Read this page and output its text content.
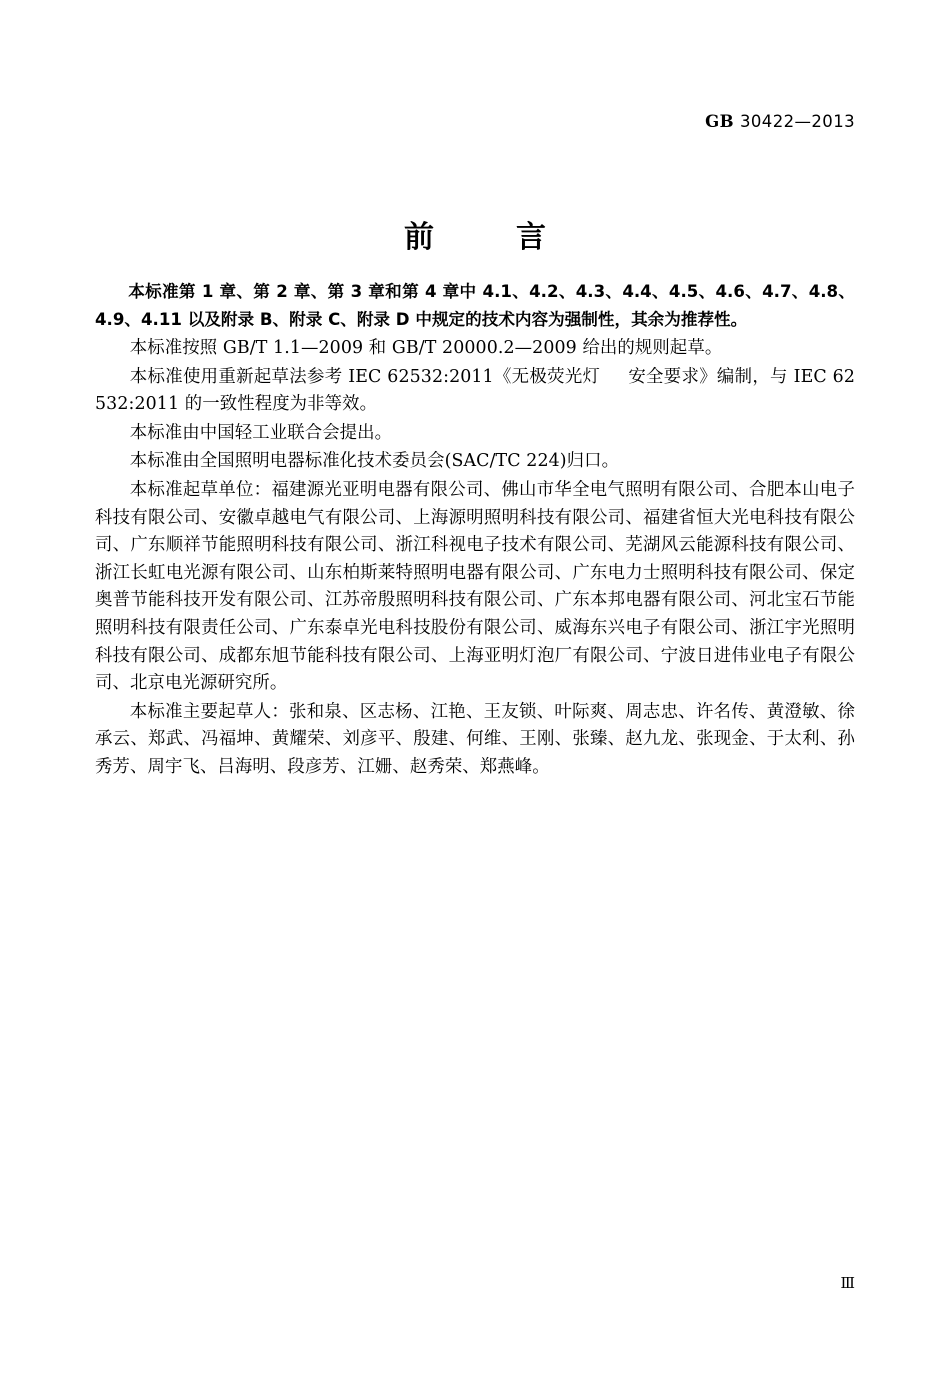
GB 30422—2013
前　言

本标准第 1 章、第 2 章、第 3 章和第 4 章中 4.1、4.2、4.3、4.4、4.5、4.6、4.7、4.8、4.9、4.11 以及附录 B、附录 C、附录 D 中规定的技术内容为强制性，其余为推荐性。

本标准按照 GB/T 1.1—2009 和 GB/T 20000.2—2009 给出的规则起草。

本标准使用重新起草法参考 IEC 62532:2011《无极荧光灯 安全要求》编制，与 IEC 62532:2011 的一致性程度为非等效。

本标准由中国轻工业联合会提出。

本标准由全国照明电器标准化技术委员会(SAC/TC 224)归口。

本标准起草单位：福建源光亚明电器有限公司、佛山市华全电气照明有限公司、合肥本山电子科技有限公司、安徽卓越电气有限公司、上海源明照明科技有限公司、福建省恒大光电科技有限公司、广东顺祥节能照明科技有限公司、浙江科视电子技术有限公司、芜湖风云能源科技有限公司、浙江长虹电光源有限公司、山东柏斯莱特照明电器有限公司、广东电力士照明科技有限公司、保定奥普节能科技开发有限公司、江苏帝殷照明科技有限公司、广东本邦电器有限公司、河北宝石节能照明科技有限责任公司、广东泰卓光电科技股份有限公司、威海东兴电子有限公司、浙江宇光照明科技有限公司、成都东旭节能科技有限公司、上海亚明灯泡厂有限公司、宁波日进伟业电子有限公司、北京电光源研究所。

本标准主要起草人：张和泉、区志杨、江艳、王友锁、叶际爽、周志忠、许名传、黄澄敏、徐承云、郑武、冯福坤、黄耀荣、刘彦平、殷建、何维、王刚、张臻、赵九龙、张现金、于太利、孙秀芳、周宇飞、吕海明、段彦芳、江姗、赵秀荣、郑燕峰。

Ⅲ
